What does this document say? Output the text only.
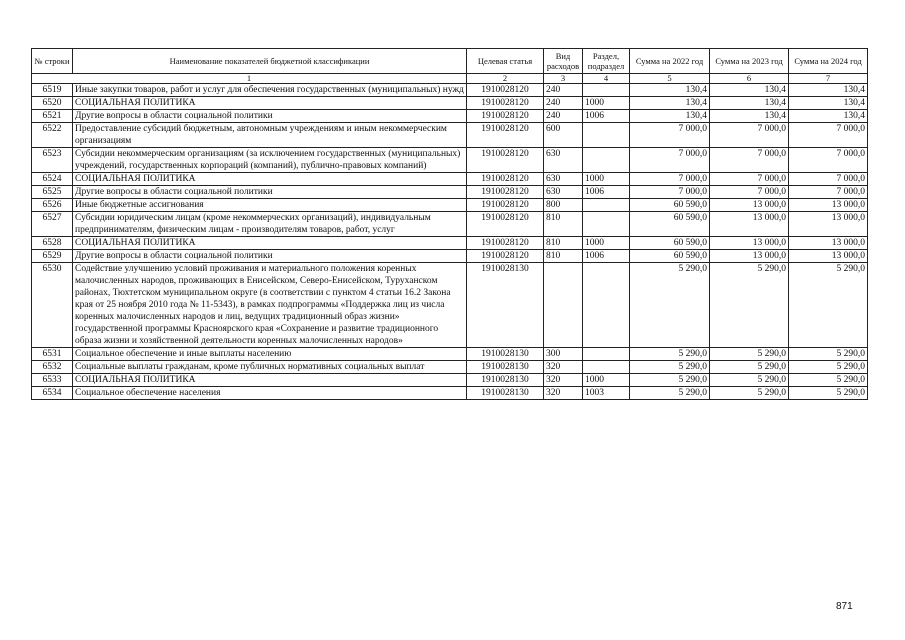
№ строки	Наименование показателей бюджетной классификации	Целевая статья	Вид расходов	Раздел, подраздел	Сумма на 2022 год	Сумма на 2023 год	Сумма на 2024 год
1		2	3	4	5	6	7
6519	Иные закупки товаров, работ и услуг для обеспечения государственных (муниципальных) нужд	1910028120	240		130,4	130,4	130,4
6520	СОЦИАЛЬНАЯ ПОЛИТИКА	1910028120	240	1000	130,4	130,4	130,4
6521	Другие вопросы в области социальной политики	1910028120	240	1006	130,4	130,4	130,4
6522	Предоставление субсидий бюджетным, автономным учреждениям и иным некоммерческим организациям	1910028120	600		7 000,0	7 000,0	7 000,0
6523	Субсидии некоммерческим организациям (за исключением государственных (муниципальных) учреждений, государственных корпораций (компаний), публично-правовых компаний)	1910028120	630		7 000,0	7 000,0	7 000,0
6524	СОЦИАЛЬНАЯ ПОЛИТИКА	1910028120	630	1000	7 000,0	7 000,0	7 000,0
6525	Другие вопросы в области социальной политики	1910028120	630	1006	7 000,0	7 000,0	7 000,0
6526	Иные бюджетные ассигнования	1910028120	800		60 590,0	13 000,0	13 000,0
6527	Субсидии юридическим лицам (кроме некоммерческих организаций), индивидуальным предпринимателям, физическим лицам - производителям товаров, работ, услуг	1910028120	810		60 590,0	13 000,0	13 000,0
6528	СОЦИАЛЬНАЯ ПОЛИТИКА	1910028120	810	1000	60 590,0	13 000,0	13 000,0
6529	Другие вопросы в области социальной политики	1910028120	810	1006	60 590,0	13 000,0	13 000,0
6530	Содействие улучшению условий проживания и материального положения коренных малочисленных народов, проживающих в Енисейском, Северо-Енисейском, Туруханском районах, Тюхтетском муниципальном округе (в соответствии с пунктом 4 статьи 16.2 Закона края от 25 ноября 2010 года № 11-5343), в рамках подпрограммы «Поддержка лиц из числа коренных малочисленных народов и лиц, ведущих традиционный образ жизни» государственной программы Красноярского края «Сохранение и развитие традиционного образа жизни и хозяйственной деятельности коренных малочисленных народов»	1910028130			5 290,0	5 290,0	5 290,0
6531	Социальное обеспечение и иные выплаты населению	1910028130	300		5 290,0	5 290,0	5 290,0
6532	Социальные выплаты гражданам, кроме публичных нормативных социальных выплат	1910028130	320		5 290,0	5 290,0	5 290,0
6533	СОЦИАЛЬНАЯ ПОЛИТИКА	1910028130	320	1000	5 290,0	5 290,0	5 290,0
6534	Социальное обеспечение населения	1910028130	320	1003	5 290,0	5 290,0	5 290,0
871
